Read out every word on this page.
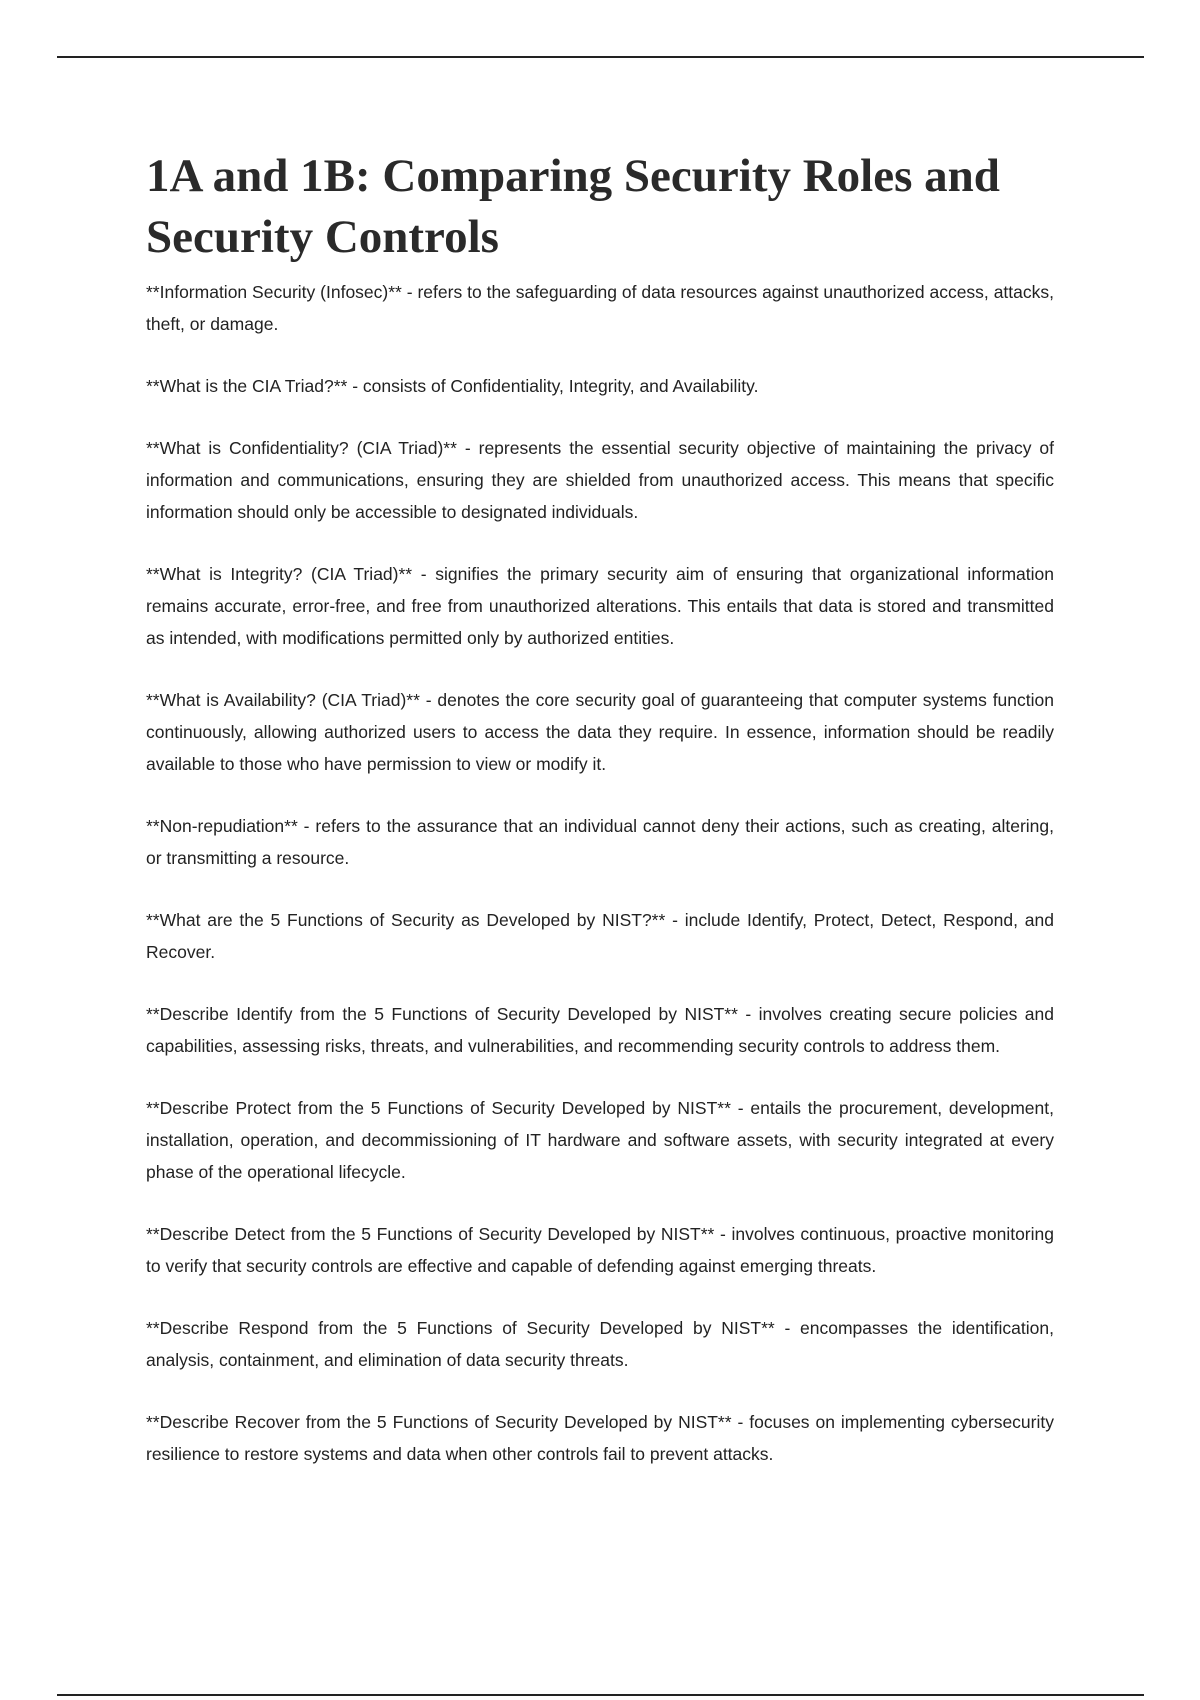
1A and 1B: Comparing Security Roles and Security Controls

**Information Security (Infosec)** - refers to the safeguarding of data resources against unauthorized access, attacks, theft, or damage.

**What is the CIA Triad?** - consists of Confidentiality, Integrity, and Availability.

**What is Confidentiality? (CIA Triad)** - represents the essential security objective of maintaining the privacy of information and communications, ensuring they are shielded from unauthorized access. This means that specific information should only be accessible to designated individuals.

**What is Integrity? (CIA Triad)** - signifies the primary security aim of ensuring that organizational information remains accurate, error-free, and free from unauthorized alterations. This entails that data is stored and transmitted as intended, with modifications permitted only by authorized entities.

**What is Availability? (CIA Triad)** - denotes the core security goal of guaranteeing that computer systems function continuously, allowing authorized users to access the data they require. In essence, information should be readily available to those who have permission to view or modify it.

**Non-repudiation** - refers to the assurance that an individual cannot deny their actions, such as creating, altering, or transmitting a resource.

**What are the 5 Functions of Security as Developed by NIST?** - include Identify, Protect, Detect, Respond, and Recover.

**Describe Identify from the 5 Functions of Security Developed by NIST** - involves creating secure policies and capabilities, assessing risks, threats, and vulnerabilities, and recommending security controls to address them.

**Describe Protect from the 5 Functions of Security Developed by NIST** - entails the procurement, development, installation, operation, and decommissioning of IT hardware and software assets, with security integrated at every phase of the operational lifecycle.

**Describe Detect from the 5 Functions of Security Developed by NIST** - involves continuous, proactive monitoring to verify that security controls are effective and capable of defending against emerging threats.

**Describe Respond from the 5 Functions of Security Developed by NIST** - encompasses the identification, analysis, containment, and elimination of data security threats.

**Describe Recover from the 5 Functions of Security Developed by NIST** - focuses on implementing cybersecurity resilience to restore systems and data when other controls fail to prevent attacks.
